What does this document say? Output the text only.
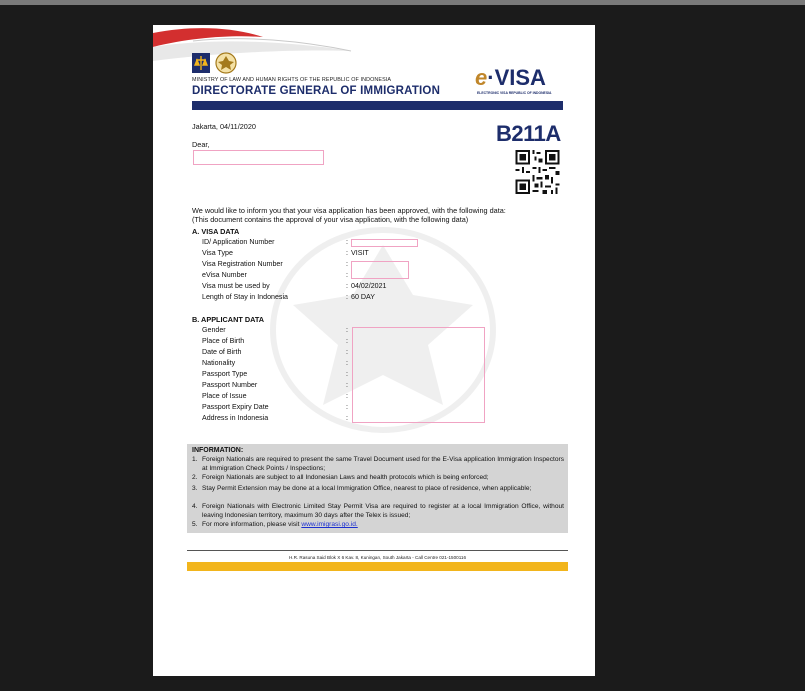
MINISTRY OF LAW AND HUMAN RIGHTS OF THE REPUBLIC OF INDONESIA
DIRECTORATE GENERAL OF IMMIGRATION
e·VISA
ELECTRONIC VISA REPUBLIC OF INDONESIA
Jakarta, 04/11/2020
Dear,	B211A
We would like to inform you that your visa application has been approved, with the following data:
(This document contains the approval of your visa application, with the following data)
A. VISA DATA
ID/ Application Number	:
Visa Type	: VISIT
Visa Registration Number	:
eVisa Number	:
Visa must be used by	: 04/02/2021
Length of Stay in Indonesia	: 60 DAY
B. APPLICANT DATA
Gender	:
Place of Birth	:
Date of Birth	:
Nationality	:
Passport Type	:
Passport Number	:
Place of Issue	:
Passport Expiry Date	:
Address in Indonesia	:
INFORMATION:
1. Foreign Nationals are required to present the same Travel Document used for the E-Visa application Immigration Inspectors at Immigration Check Points / Inspections;
2. Foreign Nationals are subject to all Indonesian Laws and health protocols which is being enforced;
3. Stay Permit Extension may be done at a local Immigration Office, nearest to place of residence, when applicable;
4. Foreign Nationals with Electronic Limited Stay Permit Visa are required to register at a local Immigration Office, without leaving Indonesian territory, maximum 30 days after the Telex is issued;
5. For more information, please visit www.imigrasi.go.id.
H.R. Rasuna Said Blok X 6 Kav. 8, Kuningan, South Jakarta - Call Centre 021-1500116
